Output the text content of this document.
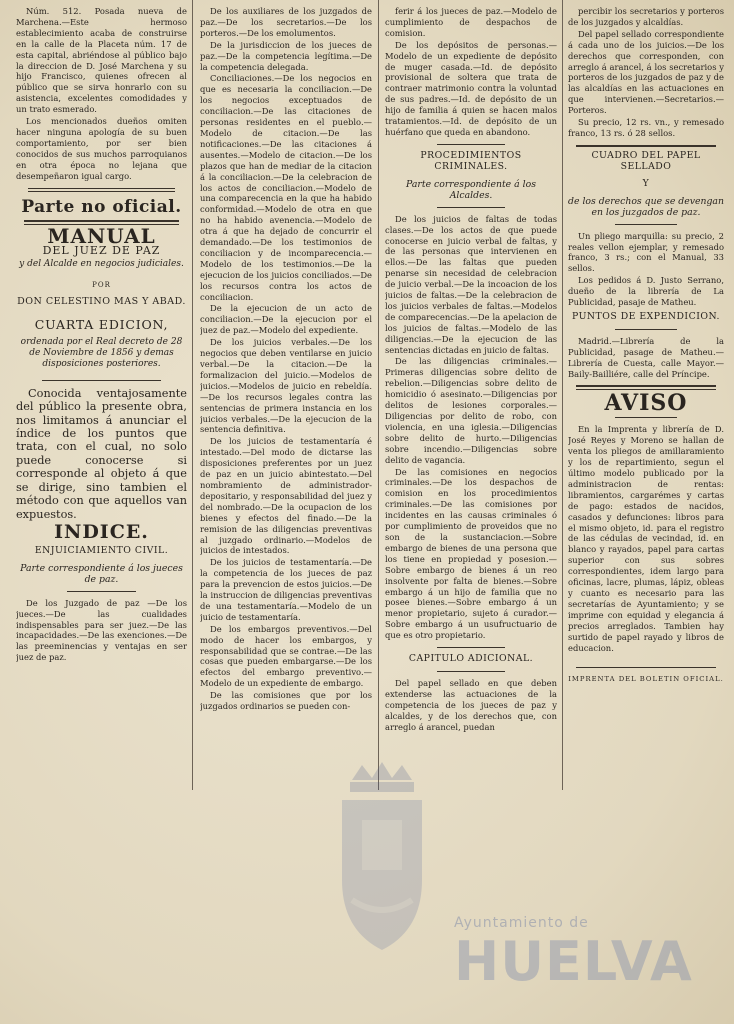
Núm. 512. Posada nueva de Marchena.—Este hermoso establecimiento acaba de construirse en la calle de la Placeta núm. 17 de esta capital, abriéndose al público bajo la direccion de D. José Marchena y su hijo Francisco, quienes ofrecen al público que se sirva honrarlo con su asistencia, excelentes comodidades y un trato esmerado.

Los mencionados dueños omiten hacer ninguna apología de su buen comportamiento, por ser bien conocidos de sus muchos parroquianos en otra época no lejana que desempeñaron igual cargo.

Parte no oficial.
MANUAL
DEL JUEZ DE PAZ
y del Alcalde en negocios judiciales.
POR
DON CELESTINO MAS Y ABAD.
CUARTA EDICION,
ordenada por el Real decreto de 28 de Noviembre de 1856 y demas disposiciones posteriores.

Conocida ventajosamente del público la presente obra, nos limitamos á anunciar el índice de los puntos que trata, con el cual, no solo puede conocerse si corresponde al objeto á que se dirige, sino tambien el método con que aquellos van expuestos.

INDICE.
ENJUICIAMIENTO CIVIL.
Parte correspondiente á los jueces de paz.

De los Juzgado de paz —De los jueces.—De las cualidades indispensables para ser juez.—De las incapacidades.—De las exenciones.—De las preeminencias y ventajas en ser juez de paz.

De los auxiliares de los juzgados de paz.—De los secretarios.—De los porteros.—De los emolumentos.

De la jurisdiccion de los jueces de paz.—De la competencia legítima.—De la competencia delegada.

Conciliaciones.—De los negocios en que es necesaria la conciliacion.—De los negocios exceptuados de conciliacion.—De las citaciones de personas residentes en el pueblo.—Modelo de citacion.—De las notificaciones.—De las citaciones á ausentes.—Modelo de citacion.—De los plazos que han de mediar de la citacion á la conciliacion.—De la celebracion de los actos de conciliacion.—Modelo de una comparecencia en la que ha habido conformidad.—Modelo de otra en que no ha habido avenencia.—Modelo de otra á que ha dejado de concurrir el demandado.—De los testimonios de conciliacion y de incomparecencia.—Modelo de los testimonios.—De la ejecucion de los juicios conciliados.—De los recursos contra los actos de conciliacion.

De la ejecucion de un acto de conciliacion.—De la ejecucion por el juez de paz.—Modelo del expediente.

De los juicios verbales.—De los negocios que deben ventilarse en juicio verbal.—De la citacion.—De la formalizacion del juicio.—Modelos de juicios.—Modelos de juicio en rebeldía.—De los recursos legales contra las sentencias de primera instancia en los juicios verbales.—De la ejecucion de la sentencia definitiva.

De los juicios de testamentaría é intestado.—Del modo de dictarse las disposiciones preferentes por un juez de paz en un juicio abintestato.—Del nombramiento de administrador-depositario, y responsabilidad del juez y del nombrado.—De la ocupacion de los bienes y efectos del finado.—De la remision de las diligencias preventivas al juzgado ordinario.—Modelos de juicios de intestados.

De los juicios de testamentaría.—De la competencia de los jueces de paz para la prevencion de estos juicios.—De la instruccion de diligencias preventivas de una testamentaría.—Modelo de un juicio de testamentaría.

De los embargos preventivos.—Del modo de hacer los embargos, y responsabilidad que se contrae.—De las cosas que pueden embargarse.—De los efectos del embargo preventivo.—Modelo de un expediente de embargo.

De las comisiones que por los juzgados ordinarios se pueden con-

ferir á los jueces de paz.—Modelo de cumplimiento de despachos de comision.

De los depósitos de personas.—Modelo de un expediente de depósito de muger casada.—Id. de depósito provisional de soltera que trata de contraer matrimonio contra la voluntad de sus padres.—Id. de depósito de un hijo de familia á quien se hacen malos tratamientos.—Id. de depósito de un huérfano que queda en abandono.

PROCEDIMIENTOS CRIMINALES.
Parte correspondiente á los Alcaldes.

De los juicios de faltas de todas clases.—De los actos de que puede conocerse en juicio verbal de faltas, y de las personas que intervienen en ellos.—De las faltas que pueden penarse sin necesidad de celebracion de juicio verbal.—De la incoacion de los juicios de faltas.—De la celebracion de los juicios verbales de faltas.—Modelos de comparecencias.—De la apelacion de los juicios de faltas.—Modelo de las diligencias.—De la ejecucion de las sentencias dictadas en juicio de faltas.

De las diligencias criminales.—Primeras diligencias sobre delito de rebelion.—Diligencias sobre delito de homicidio ó asesinato.—Diligencias por delitos de lesiones corporales.—Diligencias por delito de robo, con violencia, en una iglesia.—Diligencias sobre delito de hurto.—Diligencias sobre incendio.—Diligencias sobre delito de vagancia.

De las comisiones en negocios criminales.—De los despachos de comision en los procedimientos criminales.—De las comisiones por incidentes en las causas criminales ó por cumplimiento de proveidos que no son de la sustanciacion.—Sobre embargo de bienes de una persona que los tiene en propiedad y posesion.—Sobre embargo de bienes á un reo insolvente por falta de bienes.—Sobre embargo á un hijo de familia que no posee bienes.—Sobre embargo á un menor propietario, sujeto á curador.—Sobre embargo á un usufructuario de que es otro propietario.

CAPITULO ADICIONAL.

Del papel sellado en que deben extenderse las actuaciones de la competencia de los jueces de paz y alcaldes, y de los derechos que, con arreglo á arancel, puedan

percibir los secretarios y porteros de los juzgados y alcaldías.

Del papel sellado correspondiente á cada uno de los juicios.—De los derechos que corresponden, con arreglo á arancel, á los secretarios y porteros de los juzgados de paz y de las alcaldías en las actuaciones en que intervienen.—Secretarios.—Porteros.

Su precio, 12 rs. vn., y remesado franco, 13 rs. ó 28 sellos.

CUADRO DEL PAPEL SELLADO
Y
de los derechos que se devengan en los juzgados de paz.

Un pliego marquilla: su precio, 2 reales vellon ejemplar, y remesado franco, 3 rs.; con el Manual, 33 sellos.

Los pedidos á D. Justo Serrano, dueño de la librería de La Publicidad, pasaje de Matheu.

PUNTOS DE EXPENDICION.

Madrid.—Librería de la Publicidad, pasage de Matheu.—Librería de Cuesta, calle Mayor.—Baily-Bailliére, calle del Príncipe.

AVISO

En la Imprenta y librería de D. José Reyes y Moreno se hallan de venta los pliegos de amillaramiento y los de repartimiento, segun el último modelo publicado por la administracion de rentas: libramientos, cargarémes y cartas de pago: estados de nacidos, casados y defunciones: libros para el mismo objeto, id. para el registro de las cédulas de vecindad, id. en blanco y rayados, papel para cartas superior con sus sobres correspondientes, idem largo para oficinas, lacre, plumas, lápiz, obleas y cuanto es necesario para las secretarías de Ayuntamiento; y se imprime con equidad y elegancia á precios arreglados. Tambien hay surtido de papel rayado y libros de educacion.

IMPRENTA DEL BOLETIN OFICIAL.
Ayuntamiento de
HUELVA
